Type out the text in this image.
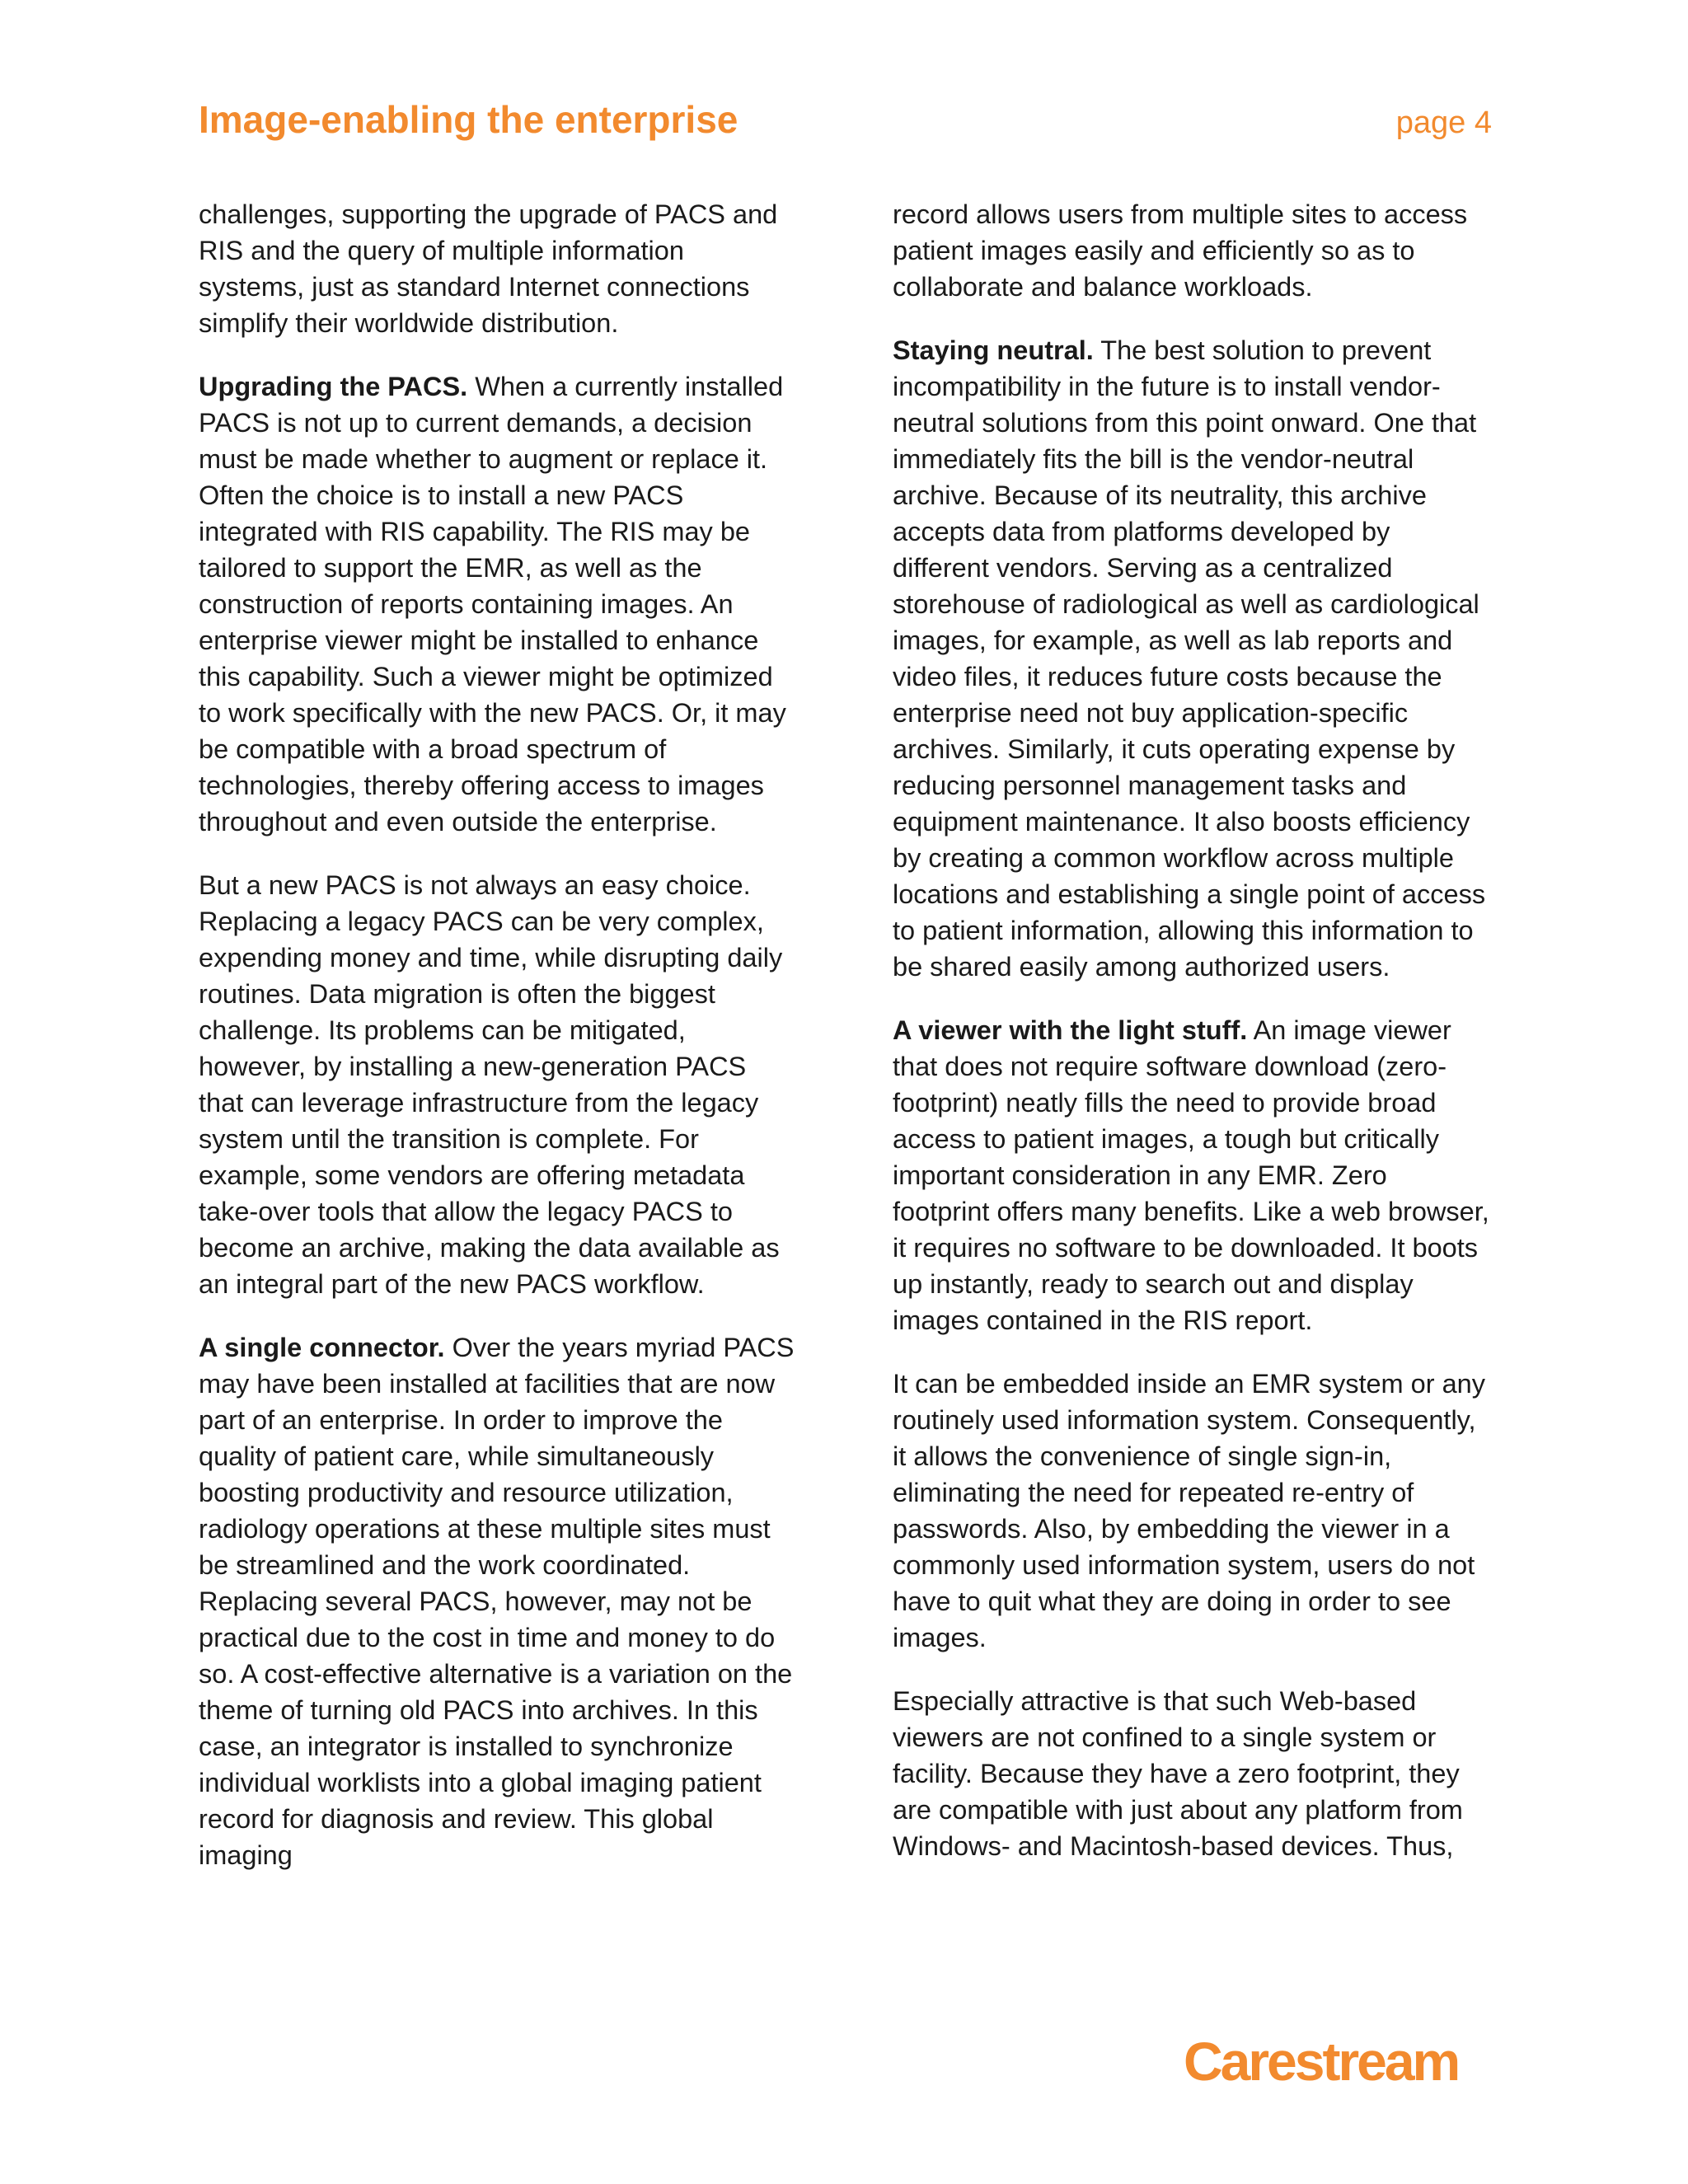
Image-enabling the enterprise	page 4

challenges, supporting the upgrade of PACS and RIS and the query of multiple information systems, just as standard Internet connections simplify their worldwide distribution.

Upgrading the PACS. When a currently installed PACS is not up to current demands, a decision must be made whether to augment or replace it. Often the choice is to install a new PACS integrated with RIS capability. The RIS may be tailored to support the EMR, as well as the construction of reports containing images. An enterprise viewer might be installed to enhance this capability. Such a viewer might be optimized to work specifically with the new PACS. Or, it may be compatible with a broad spectrum of technologies, thereby offering access to images throughout and even outside the enterprise.

But a new PACS is not always an easy choice. Replacing a legacy PACS can be very complex, expending money and time, while disrupting daily routines. Data migration is often the biggest challenge. Its problems can be mitigated, however, by installing a new-generation PACS that can leverage infrastructure from the legacy system until the transition is complete. For example, some vendors are offering metadata take-over tools that allow the legacy PACS to become an archive, making the data available as an integral part of the new PACS workflow.

A single connector. Over the years myriad PACS may have been installed at facilities that are now part of an enterprise. In order to improve the quality of patient care, while simultaneously boosting productivity and resource utilization, radiology operations at these multiple sites must be streamlined and the work coordinated. Replacing several PACS, however, may not be practical due to the cost in time and money to do so. A cost-effective alternative is a variation on the theme of turning old PACS into archives. In this case, an integrator is installed to synchronize individual worklists into a global imaging patient record for diagnosis and review. This global imaging

record allows users from multiple sites to access patient images easily and efficiently so as to collaborate and balance workloads.

Staying neutral. The best solution to prevent incompatibility in the future is to install vendor-neutral solutions from this point onward. One that immediately fits the bill is the vendor-neutral archive. Because of its neutrality, this archive accepts data from platforms developed by different vendors. Serving as a centralized storehouse of radiological as well as cardiological images, for example, as well as lab reports and video files, it reduces future costs because the enterprise need not buy application-specific archives. Similarly, it cuts operating expense by reducing personnel management tasks and equipment maintenance. It also boosts efficiency by creating a common workflow across multiple locations and establishing a single point of access to patient information, allowing this information to be shared easily among authorized users.

A viewer with the light stuff. An image viewer that does not require software download (zero-footprint) neatly fills the need to provide broad access to patient images, a tough but critically important consideration in any EMR. Zero footprint offers many benefits. Like a web browser, it requires no software to be downloaded. It boots up instantly, ready to search out and display images contained in the RIS report.

It can be embedded inside an EMR system or any routinely used information system. Consequently, it allows the convenience of single sign-in, eliminating the need for repeated re-entry of passwords. Also, by embedding the viewer in a commonly used information system, users do not have to quit what they are doing in order to see images.

Especially attractive is that such Web-based viewers are not confined to a single system or facility. Because they have a zero footprint, they are compatible with just about any platform from Windows- and Macintosh-based devices. Thus,

Carestream
